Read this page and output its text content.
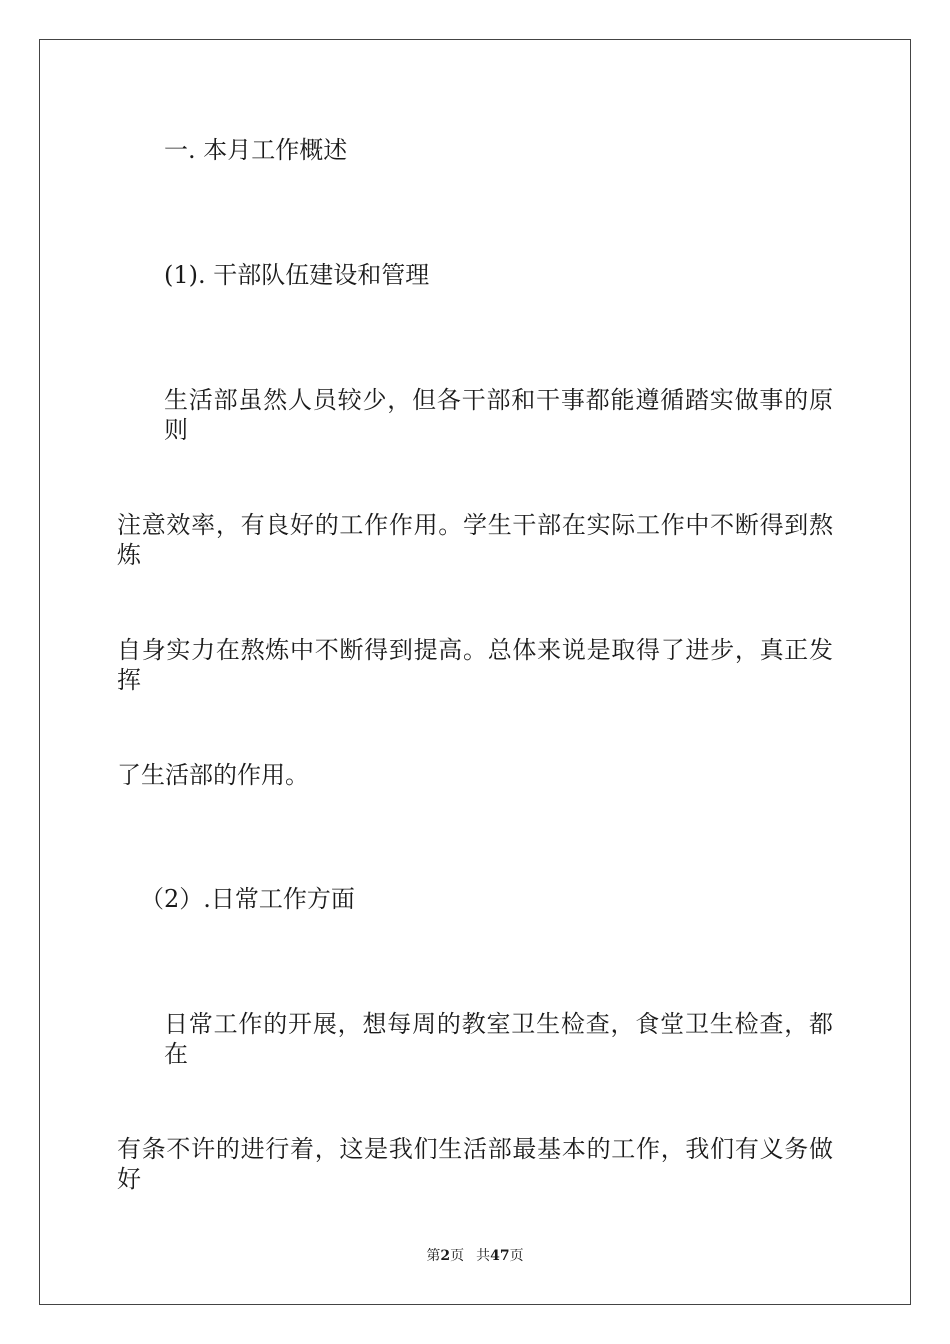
一. 本月工作概述
(1). 干部队伍建设和管理
生活部虽然人员较少，但各干部和干事都能遵循踏实做事的原则
注意效率，有良好的工作作用。学生干部在实际工作中不断得到熬炼
自身实力在熬炼中不断得到提高。总体来说是取得了进步，真正发挥
了生活部的作用。
（2）.日常工作方面
日常工作的开展，想每周的教室卫生检查，食堂卫生检查，都在
有条不许的进行着，这是我们生活部最基本的工作，我们有义务做好
第2页 共47页
